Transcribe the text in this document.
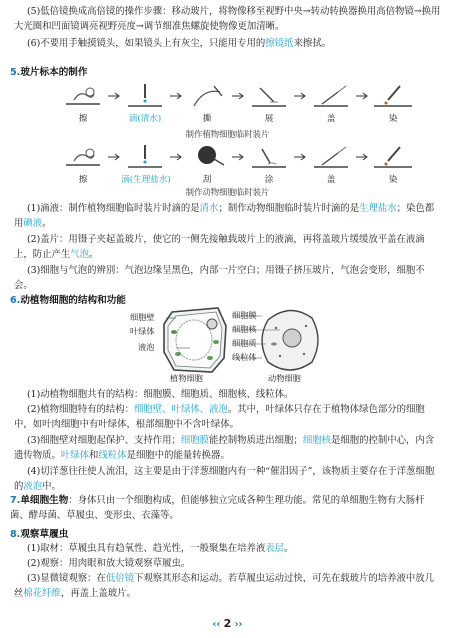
(5)低倍镜换成高倍镜的操作步骤：移动玻片，将物像移至视野中央→转动转换器换用高倍物镜→换用大光圈和凹面镜调亮视野亮度→调节细准焦螺旋使物像更加清晰。

(6)不要用手触摸镜头，如果镜头上有灰尘，只能用专用的擦镜纸来擦拭。

5.玻片标本的制作
擦	滴(清水)	撕	展	盖	染
制作植物细胞临时装片
擦	滴(生理盐水)	刮	涂	盖	染
制作动物细胞临时装片

(1)滴液：制作植物细胞临时装片时滴的是清水；制作动物细胞临时装片时滴的是生理盐水；染色都用碘液。

(2)盖片：用镊子夹起盖玻片，使它的一侧先接触载玻片上的液滴，再将盖玻片缓缓放平盖在液滴上，防止产生气泡。

(3)细胞与气泡的辨别：气泡边缘呈黑色，内部一片空白；用镊子挤压玻片，气泡会变形，细胞不会。

6.动植物细胞的结构和功能
细胞壁
叶绿体
液泡
细胞膜
细胞核
细胞质
线粒体
植物细胞	动物细胞

(1)动植物细胞共有的结构：细胞膜、细胞质、细胞核、线粒体。

(2)植物细胞特有的结构：细胞壁、叶绿体、液泡。其中，叶绿体只存在于植物体绿色部分的细胞中，如叶肉细胞中有叶绿体，根部细胞中不含叶绿体。

(3)细胞壁对细胞起保护、支持作用；细胞膜能控制物质进出细胞；细胞核是细胞的控制中心，内含遗传物质。叶绿体和线粒体是细胞中的能量转换器。

(4)切洋葱往往使人流泪，这主要是由于洋葱细胞内有一种“催泪因子”，该物质主要存在于洋葱细胞的液泡中。

7.单细胞生物：身体只由一个细胞构成，但能够独立完成各种生理功能。常见的单细胞生物有大肠杆菌、酵母菌、草履虫、变形虫、衣藻等。

8.观察草履虫

(1)取材：草履虫具有趋氧性、趋光性，一般聚集在培养液表层。

(2)观察：用肉眼和放大镜观察草履虫。

(3)显微镜观察：在低倍镜下观察其形态和运动。若草履虫运动过快，可先在载玻片的培养液中放几丝棉花纤维，再盖上盖玻片。

‹‹ 2 ››
